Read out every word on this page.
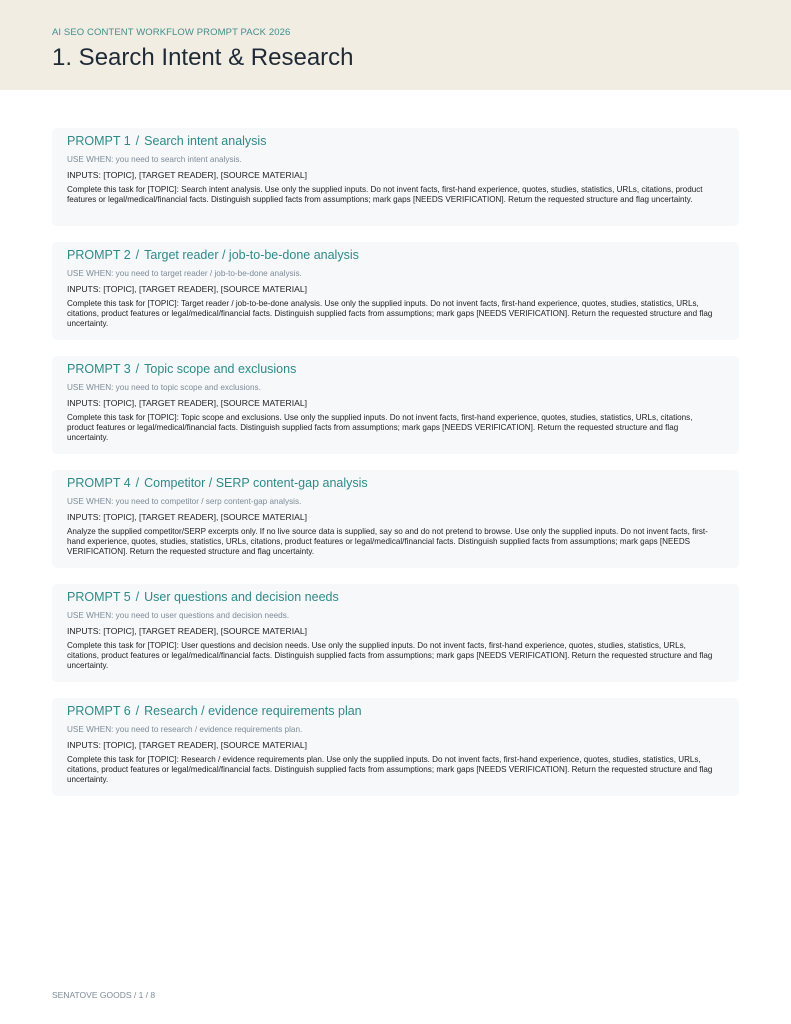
AI SEO CONTENT WORKFLOW PROMPT PACK 2026
1. Search Intent & Research
PROMPT 1 / Search intent analysis
USE WHEN: you need to search intent analysis.
INPUTS: [TOPIC], [TARGET READER], [SOURCE MATERIAL]
Complete this task for [TOPIC]: Search intent analysis. Use only the supplied inputs. Do not invent facts, first-hand experience, quotes, studies, statistics, URLs, citations, product features or legal/medical/financial facts. Distinguish supplied facts from assumptions; mark gaps [NEEDS VERIFICATION]. Return the requested structure and flag uncertainty.
PROMPT 2 / Target reader / job-to-be-done analysis
USE WHEN: you need to target reader / job-to-be-done analysis.
INPUTS: [TOPIC], [TARGET READER], [SOURCE MATERIAL]
Complete this task for [TOPIC]: Target reader / job-to-be-done analysis. Use only the supplied inputs. Do not invent facts, first-hand experience, quotes, studies, statistics, URLs, citations, product features or legal/medical/financial facts. Distinguish supplied facts from assumptions; mark gaps [NEEDS VERIFICATION]. Return the requested structure and flag uncertainty.
PROMPT 3 / Topic scope and exclusions
USE WHEN: you need to topic scope and exclusions.
INPUTS: [TOPIC], [TARGET READER], [SOURCE MATERIAL]
Complete this task for [TOPIC]: Topic scope and exclusions. Use only the supplied inputs. Do not invent facts, first-hand experience, quotes, studies, statistics, URLs, citations, product features or legal/medical/financial facts. Distinguish supplied facts from assumptions; mark gaps [NEEDS VERIFICATION]. Return the requested structure and flag uncertainty.
PROMPT 4 / Competitor / SERP content-gap analysis
USE WHEN: you need to competitor / serp content-gap analysis.
INPUTS: [TOPIC], [TARGET READER], [SOURCE MATERIAL]
Analyze the supplied competitor/SERP excerpts only. If no live source data is supplied, say so and do not pretend to browse. Use only the supplied inputs. Do not invent facts, first-hand experience, quotes, studies, statistics, URLs, citations, product features or legal/medical/financial facts. Distinguish supplied facts from assumptions; mark gaps [NEEDS VERIFICATION]. Return the requested structure and flag uncertainty.
PROMPT 5 / User questions and decision needs
USE WHEN: you need to user questions and decision needs.
INPUTS: [TOPIC], [TARGET READER], [SOURCE MATERIAL]
Complete this task for [TOPIC]: User questions and decision needs. Use only the supplied inputs. Do not invent facts, first-hand experience, quotes, studies, statistics, URLs, citations, product features or legal/medical/financial facts. Distinguish supplied facts from assumptions; mark gaps [NEEDS VERIFICATION]. Return the requested structure and flag uncertainty.
PROMPT 6 / Research / evidence requirements plan
USE WHEN: you need to research / evidence requirements plan.
INPUTS: [TOPIC], [TARGET READER], [SOURCE MATERIAL]
Complete this task for [TOPIC]: Research / evidence requirements plan. Use only the supplied inputs. Do not invent facts, first-hand experience, quotes, studies, statistics, URLs, citations, product features or legal/medical/financial facts. Distinguish supplied facts from assumptions; mark gaps [NEEDS VERIFICATION]. Return the requested structure and flag uncertainty.
SENATOVE GOODS / 1 / 8
